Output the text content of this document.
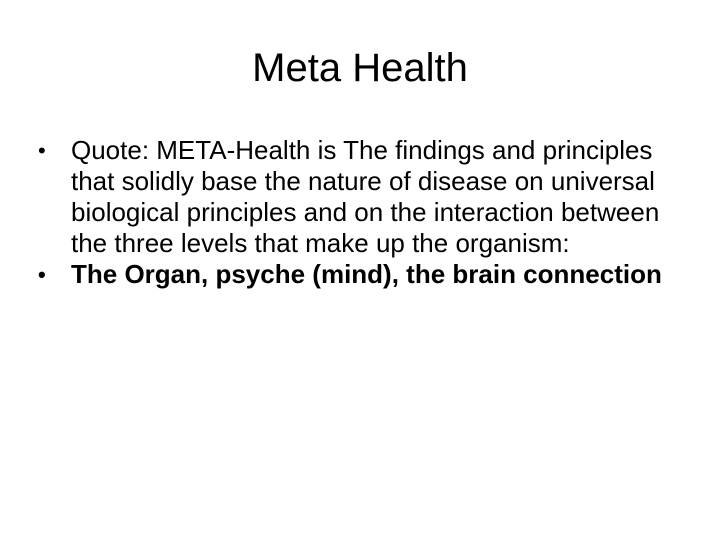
Meta Health
• Quote: META-Health is The findings and principles that solidly base the nature of disease on universal biological principles and on the interaction between the three levels that make up the organism:
• The Organ, psyche (mind), the brain connection
